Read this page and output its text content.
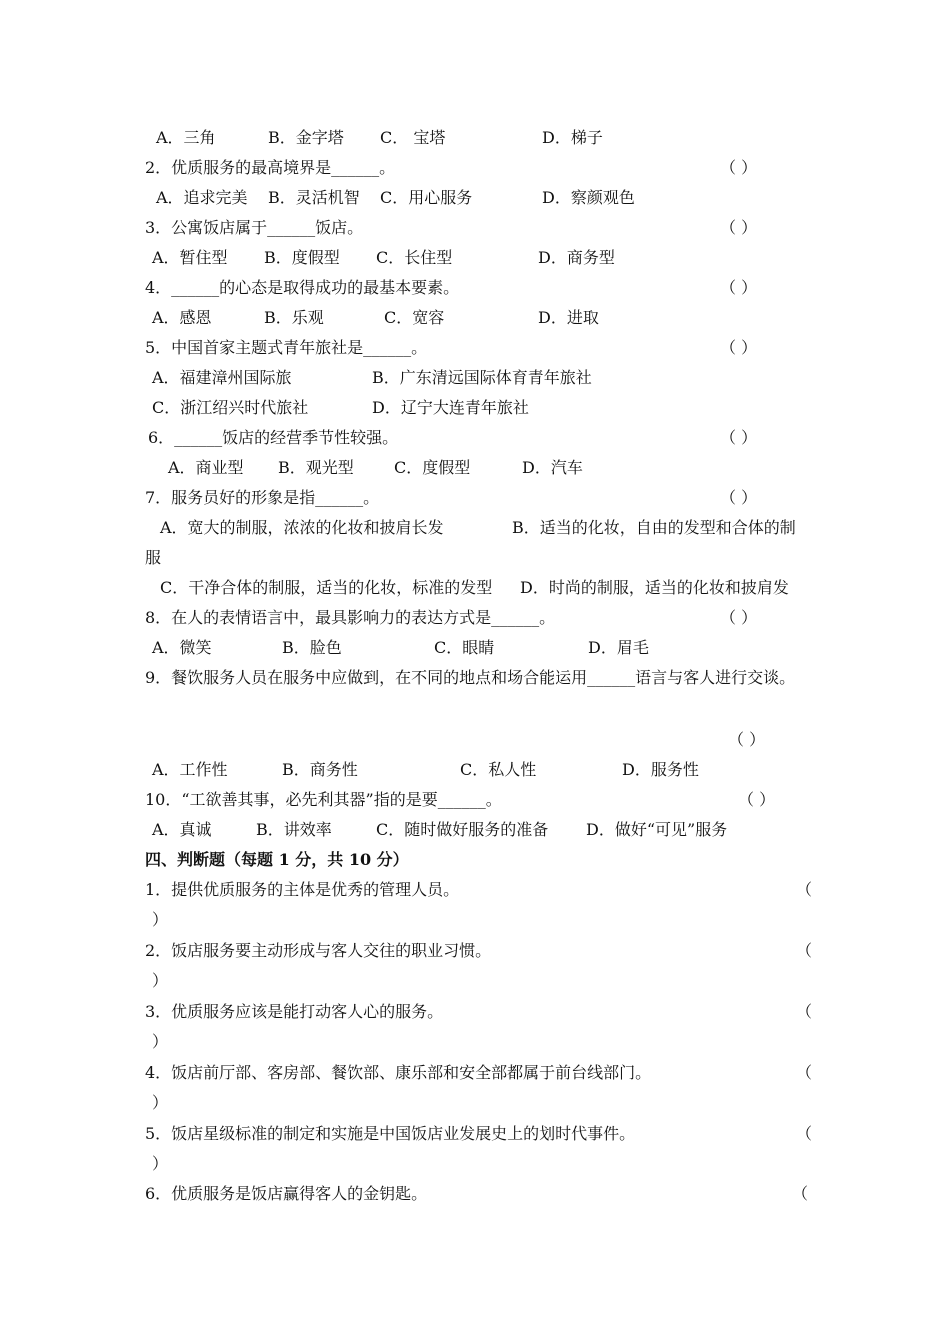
A．三角	B．金字塔 C． 宝塔	D．梯子
2．优质服务的最高境界是______。	（ ）
A．追求完美 B．灵活机智 C．用心服务	D．察颜观色
3．公寓饭店属于______饭店。	（ ）
A．暂住型 B．度假型 C．长住型	D．商务型
4．______的心态是取得成功的最基本要素。	（ ）
A．感恩	B．乐观	C．宽容	D．进取
5．中国首家主题式青年旅社是______。	（ ）
A．福建漳州国际旅	B．广东清远国际体育青年旅社
C．浙江绍兴时代旅社	D．辽宁大连青年旅社
6．______饭店的经营季节性较强。	（ ）
A．商业型 B．观光型	C．度假型	D．汽车
7．服务员好的形象是指______。	（ ）
A．宽大的制服，浓浓的化妆和披肩长发	B．适当的化妆，自由的发型和合体的制
服
C．干净合体的制服，适当的化妆，标准的发型 D．时尚的制服，适当的化妆和披肩发
8．在人的表情语言中，最具影响力的表达方式是______。	（ ）
A．微笑	B．脸色	C．眼睛	D．眉毛
9．餐饮服务人员在服务中应做到，在不同的地点和场合能运用______语言与客人进行交谈。
（ ）
A．工作性	B．商务性	C．私人性	D．服务性
10．“工欲善其事，必先利其器”指的是要______。	（ ）
A．真诚	B．讲效率	C．随时做好服务的准备 D．做好“可见”服务
四、判断题（每题 1 分，共 10 分）
1．提供优质服务的主体是优秀的管理人员。	（
）
2．饭店服务要主动形成与客人交往的职业习惯。	（
）
3．优质服务应该是能打动客人心的服务。	（
）
4．饭店前厅部、客房部、餐饮部、康乐部和安全部都属于前台线部门。	（
）
5．饭店星级标准的制定和实施是中国饭店业发展史上的划时代事件。	（
）
6．优质服务是饭店赢得客人的金钥匙。	（
